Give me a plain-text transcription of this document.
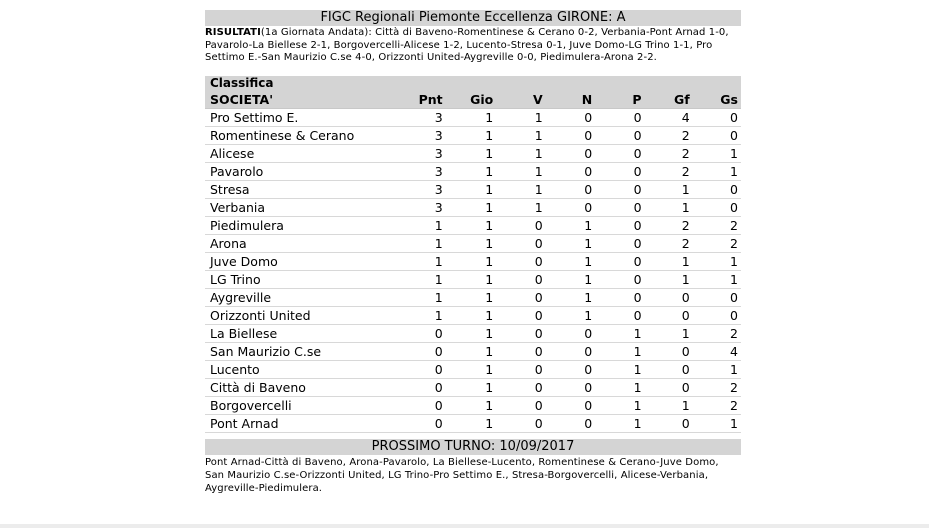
FIGC Regionali Piemonte Eccellenza GIRONE: A
RISULTATI(1a Giornata Andata): Città di Baveno-Romentinese & Cerano 0-2, Verbania-Pont Arnad 1-0, Pavarolo-La Biellese 2-1, Borgovercelli-Alicese 1-2, Lucento-Stresa 0-1, Juve Domo-LG Trino 1-1, Pro Settimo E.-San Maurizio C.se 4-0, Orizzonti United-Aygreville 0-0, Piedimulera-Arona 2-2.
Classifica
SOCIETA'	Pnt	Gio	V	N	P	Gf	Gs
Pro Settimo E.	3	1	1	0	0	4	0
Romentinese & Cerano	3	1	1	0	0	2	0
Alicese	3	1	1	0	0	2	1
Pavarolo	3	1	1	0	0	2	1
Stresa	3	1	1	0	0	1	0
Verbania	3	1	1	0	0	1	0
Piedimulera	1	1	0	1	0	2	2
Arona	1	1	0	1	0	2	2
Juve Domo	1	1	0	1	0	1	1
LG Trino	1	1	0	1	0	1	1
Aygreville	1	1	0	1	0	0	0
Orizzonti United	1	1	0	1	0	0	0
La Biellese	0	1	0	0	1	1	2
San Maurizio C.se	0	1	0	0	1	0	4
Lucento	0	1	0	0	1	0	1
Città di Baveno	0	1	0	0	1	0	2
Borgovercelli	0	1	0	0	1	1	2
Pont Arnad	0	1	0	0	1	0	1
PROSSIMO TURNO: 10/09/2017
Pont Arnad-Città di Baveno, Arona-Pavarolo, La Biellese-Lucento, Romentinese & Cerano-Juve Domo, San Maurizio C.se-Orizzonti United, LG Trino-Pro Settimo E., Stresa-Borgovercelli, Alicese-Verbania, Aygreville-Piedimulera.
